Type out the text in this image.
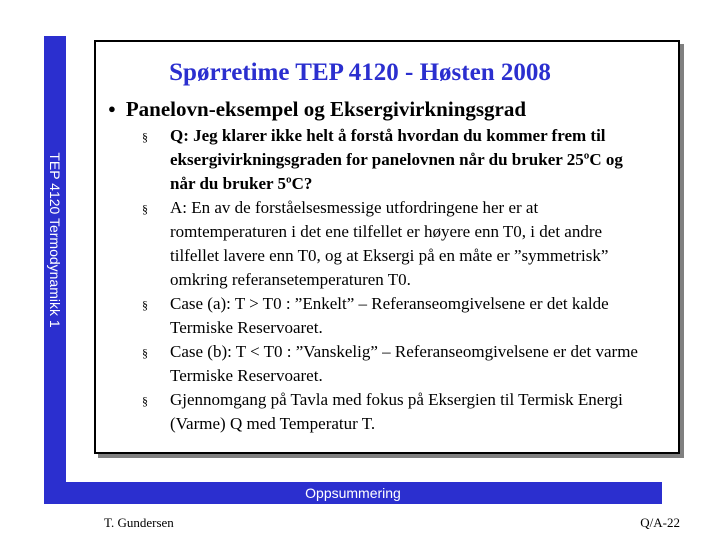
TEP 4120 Termodynamikk 1
Spørretime TEP 4120 - Høsten 2008
● Panelovn-eksempel og Eksergivirkningsgrad
§ Q: Jeg klarer ikke helt å forstå hvordan du kommer frem til eksergivirkningsgraden for panelovnen når du bruker 25ºC og når du bruker 5ºC?
§ A: En av de forståelsesmessige utfordringene her er at romtemperaturen i det ene tilfellet er høyere enn T0, i det andre tilfellet lavere enn T0, og at Eksergi på en måte er ”symmetrisk” omkring referansetemperaturen T0.
§ Case (a): T > T0 : ”Enkelt” – Referanseomgivelsene er det kalde Termiske Reservoaret.
§ Case (b): T < T0 : ”Vanskelig” – Referanseomgivelsene er det varme Termiske Reservoaret.
§ Gjennomgang på Tavla med fokus på Eksergien til Termisk Energi (Varme) Q med Temperatur T.
Oppsummering
T. Gundersen	Q/A-22
